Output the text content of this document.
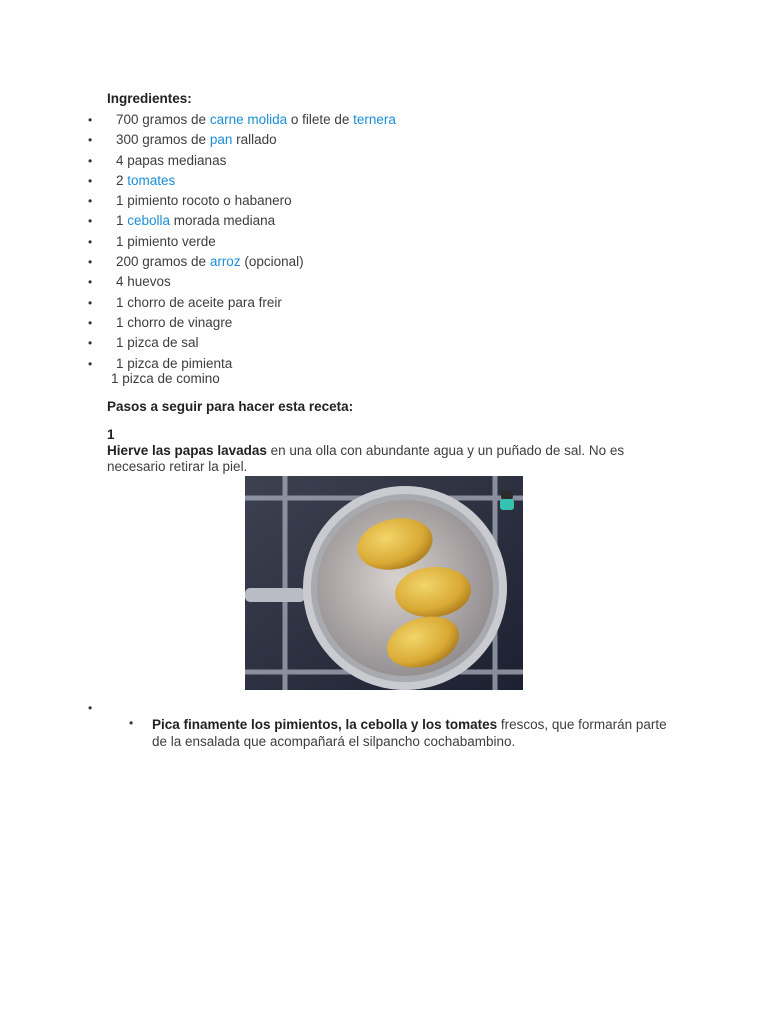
Ingredientes:
•	700 gramos de carne molida o filete de ternera
•	300 gramos de pan rallado
•	4 papas medianas
•	2 tomates
•	1 pimiento rocoto o habanero
•	1 cebolla morada mediana
•	1 pimiento verde
•	200 gramos de arroz (opcional)
•	4 huevos
•	1 chorro de aceite para freir
•	1 chorro de vinagre
•	1 pizca de sal
•	1 pizca de pimienta
1 pizca de comino
Pasos a seguir para hacer esta receta:
1
Hierve las papas lavadas en una olla con abundante agua y un puñado de sal. No es necesario retirar la piel.
•
• Pica finamente los pimientos, la cebolla y los tomates frescos, que formarán parte de la ensalada que acompañará el silpancho cochabambino.
